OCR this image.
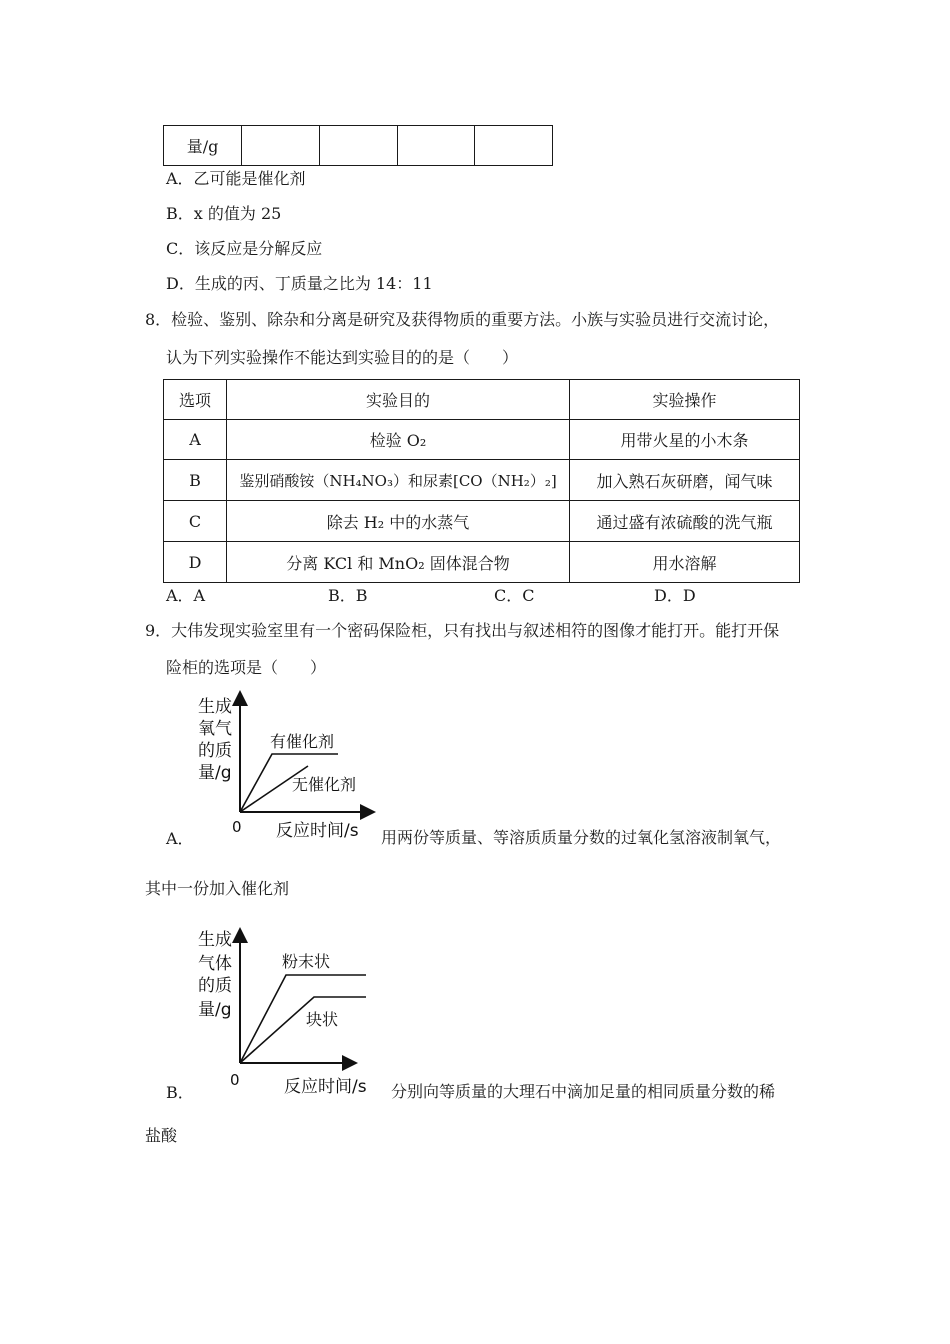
量/g				
A．乙可能是催化剂
B．x 的值为 25
C．该反应是分解反应
D．生成的丙、丁质量之比为 14：11
8．检验、鉴别、除杂和分离是研究及获得物质的重要方法。小族与实验员进行交流讨论，
认为下列实验操作不能达到实验目的的是（　　）
选项	实验目的	实验操作
A	检验 O₂	用带火星的小木条
B	鉴别硝酸铵（NH₄NO₃）和尿素[CO（NH₂）₂]	加入熟石灰研磨，闻气味
C	除去 H₂ 中的水蒸气	通过盛有浓硫酸的洗气瓶
D	分离 KCl 和 MnO₂ 固体混合物	用水溶解
A．A	B．B	C．C	D．D
9．大伟发现实验室里有一个密码保险柜，只有找出与叙述相符的图像才能打开。能打开保
险柜的选项是（　　）
生成
氧气
的质
量/g
有催化剂
无催化剂
0 反应时间/s
A．	用两份等质量、等溶质质量分数的过氧化氢溶液制氧气，
其中一份加入催化剂
生成
气体
的质
量/g
粉末状
块状
0	反应时间/s
B．	分别向等质量的大理石中滴加足量的相同质量分数的稀
盐酸
